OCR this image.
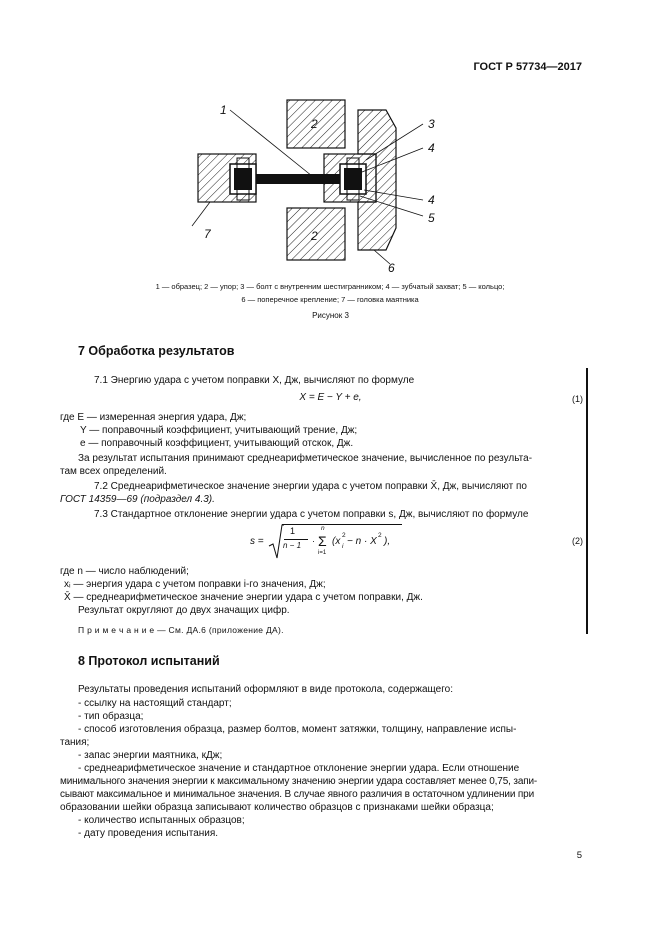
ГОСТ Р 57734—2017
1
2
2
3
4
4
5
6
7
1 — образец; 2 — упор; 3 — болт с внутренним шестигранником; 4 — зубчатый захват; 5 — кольцо;
6 — поперечное крепление; 7 — головка маятника
Рисунок 3
7 Обработка результатов
7.1 Энергию удара с учетом поправки X, Дж, вычисляют по формуле
X = E − Y + e,	(1)
где E — измеренная энергия удара, Дж;
Y — поправочный коэффициент, учитывающий трение, Дж;
e — поправочный коэффициент, учитывающий отскок, Дж.
За результат испытания принимают среднеарифметическое значение, вычисленное по результа-
там всех определений.
7.2 Среднеарифметическое значение энергии удара с учетом поправки X̄, Дж, вычисляют по
ГОСТ 14359—69 (подраздел 4.3).
7.3 Стандартное отклонение энергии удара с учетом поправки s, Дж, вычисляют по формуле
s =
1
n − 1 · Σ
n
i=1
(x i
2
− n · X
2
),	(2)
где n — число наблюдений;
xᵢ — энергия удара с учетом поправки i-го значения, Дж;
X̄ — среднеарифметическое значение энергии удара с учетом поправки, Дж.
Результат округляют до двух значащих цифр.
П р и м е ч а н и е — См. ДА.6 (приложение ДА).
8 Протокол испытаний
Результаты проведения испытаний оформляют в виде протокола, содержащего:
- ссылку на настоящий стандарт;
- тип образца;
- способ изготовления образца, размер болтов, момент затяжки, толщину, направление испы-
тания;
- запас энергии маятника, кДж;
- среднеарифметическое значение и стандартное отклонение энергии удара. Если отношение
минимального значения энергии к максимальному значению энергии удара составляет менее 0,75, запи-
сывают максимальное и минимальное значения. В случае явного различия в остаточном удлинении при
образовании шейки образца записывают количество образцов с признаками шейки образца;
- количество испытанных образцов;
- дату проведения испытания.
5
